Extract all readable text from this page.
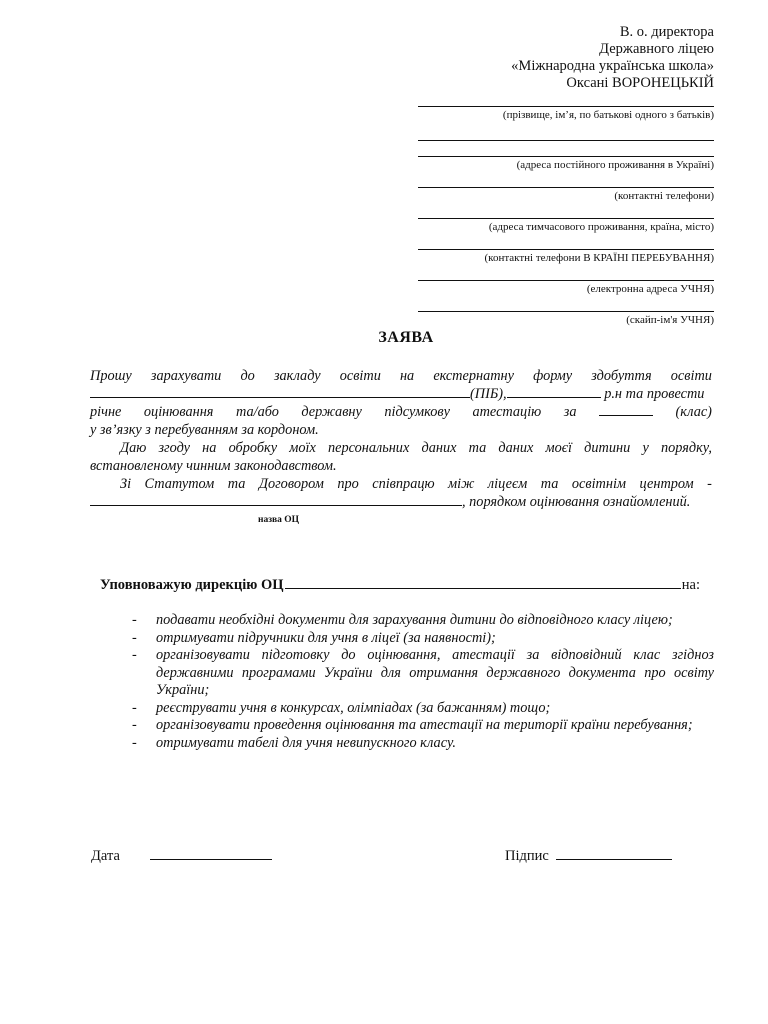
В. о. директора
Державного ліцею
«Міжнародна українська школа»
Оксані ВОРОНЕЦЬКІЙ
(прізвище, ім’я, по батькові одного з батьків)
(адреса постійного проживання в Україні)
(контактні телефони)
(адреса тимчасового проживання, країна, місто)
(контактні телефони В КРАЇНІ ПЕРЕБУВАННЯ)
(електронна адреса УЧНЯ)
(скайп-ім'я УЧНЯ)
ЗАЯВА
Прошу зарахувати до закладу освіти на екстернатну форму здобуття освіти
(ПІБ),	р.н та провести
річне оцінювання та/або державну підсумкову атестацію за	(клас)
у зв’язку з перебуванням за кордоном.
Даю згоду на обробку моїх персональних даних та даних моєї дитини у порядку,
встановленому чинним законодавством.
Зі Статутом та Договором про співпрацю між ліцеєм та освітнім центром -
, порядком оцінювання ознайомлений.
назва ОЦ
Уповноважую дирекцію ОЦ	на:
- подавати необхідні документи для зарахування дитини до відповідного класу ліцею;
- отримувати підручники для учня в ліцеї (за наявності);
- організовувати підготовку до оцінювання, атестації за відповідний клас згідноз державними програмами України для отримання державного документа про освіту України;
- реєструвати учня в конкурсах, олімпіадах (за бажанням) тощо;
- організовувати проведення оцінювання та атестації на території країни перебування;
- отримувати табелі для учня невипускного класу.
Дата	Підпис
